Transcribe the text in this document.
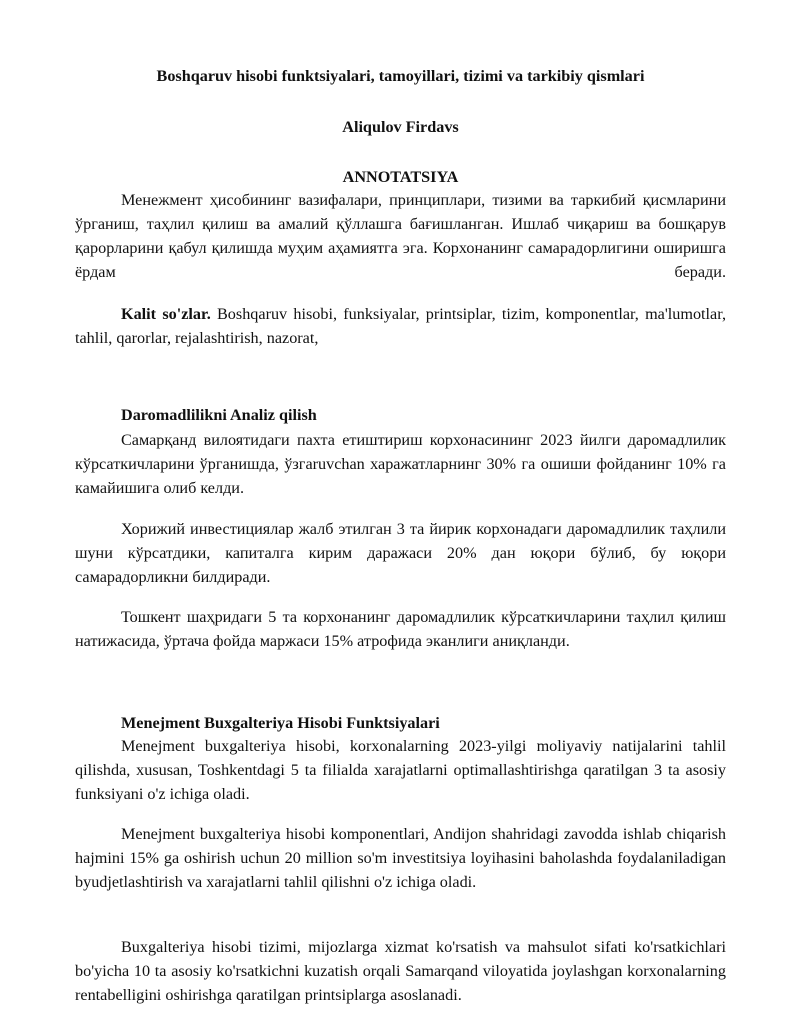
Boshqaruv hisobi funktsiyalari, tamoyillari, tizimi va tarkibiy qismlari
Aliqulov Firdavs
ANNOTATSIYA

Менежмент ҳисобининг вазифалари, принциплари, тизими ва таркибий қисмларини ўрганиш, таҳлил қилиш ва амалий қўллашга бағишланган. Ишлаб чиқариш ва бошқарув қарорларини қабул қилишда муҳим аҳамиятга эга. Корхонанинг самарадорлигини оширишга ёрдам беради.

Kalit so'zlar. Boshqaruv hisobi, funksiyalar, printsiplar, tizim, komponentlar, ma'lumotlar, tahlil, qarorlar, rejalashtirish, nazorat,

Daromadlilikni Analiz qilish

Самарқанд вилоятидаги пахта етиштириш корхонасининг 2023 йилги даромадлилик кўрсаткичларини ўрганишда, ўзгаruvchan харажатларнинг 30% га ошиши фойданинг 10% га камайишига олиб келди.

Хорижий инвестициялар жалб этилган 3 та йирик корхонадаги даромадлилик таҳлили шуни кўрсатдики, капиталга кирим даражаси 20% дан юқори бўлиб, бу юқори самарадорликни билдиради.

Тошкент шаҳридаги 5 та корхонанинг даромадлилик кўрсаткичларини таҳлил қилиш натижасида, ўртача фойда маржаси 15% атрофида эканлиги аниқланди.

Menejment Buxgalteriya Hisobi Funktsiyalari

Menejment buxgalteriya hisobi, korxonalarning 2023-yilgi moliyaviy natijalarini tahlil qilishda, xususan, Toshkentdagi 5 ta filialda xarajatlarni optimallashtirishga qaratilgan 3 ta asosiy funksiyani o'z ichiga oladi.

Menejment buxgalteriya hisobi komponentlari, Andijon shahridagi zavodda ishlab chiqarish hajmini 15% ga oshirish uchun 20 million so'm investitsiya loyihasini baholashda foydalaniladigan byudjetlashtirish va xarajatlarni tahlil qilishni o'z ichiga oladi.

Buxgalteriya hisobi tizimi, mijozlarga xizmat ko'rsatish va mahsulot sifati ko'rsatkichlari bo'yicha 10 ta asosiy ko'rsatkichni kuzatish orqali Samarqand viloyatida joylashgan korxonalarning rentabelligini oshirishga qaratilgan printsiplarga asoslanadi.
